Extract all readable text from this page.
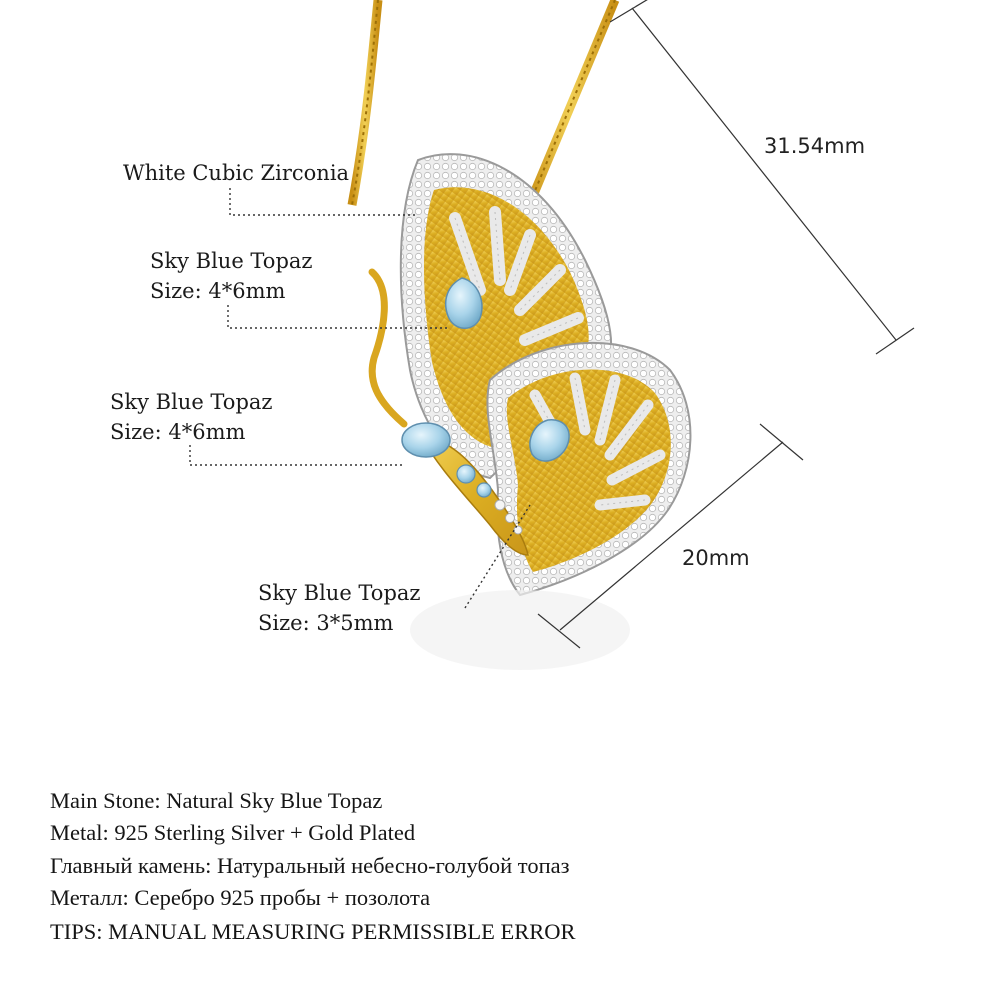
White Cubic Zirconia
Sky Blue Topaz
Size: 4*6mm
Sky Blue Topaz
Size: 4*6mm
Sky Blue Topaz
Size: 3*5mm
31.54mm
20mm
Main Stone: Natural Sky Blue Topaz
Metal: 925 Sterling Silver + Gold Plated
Главный камень: Натуральный небесно-голубой топаз
Металл: Серебро 925 пробы + позолота
TIPS: MANUAL MEASURING PERMISSIBLE ERROR
